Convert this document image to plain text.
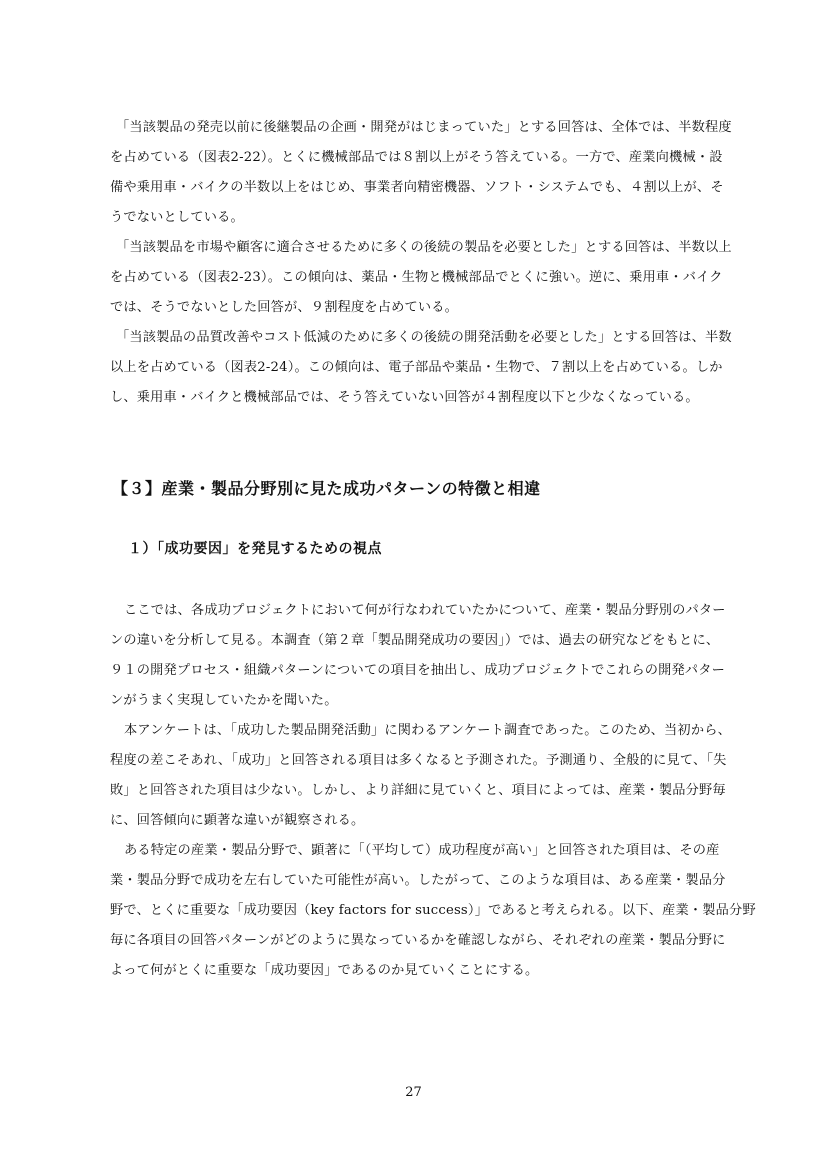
「当該製品の発売以前に後継製品の企画・開発がはじまっていた」とする回答は、全体では、半数程度
を占めている（図表2-22）。とくに機械部品では８割以上がそう答えている。一方で、産業向機械・設
備や乗用車・バイクの半数以上をはじめ、事業者向精密機器、ソフト・システムでも、４割以上が、そ
うでないとしている。
「当該製品を市場や顧客に適合させるために多くの後続の製品を必要とした」とする回答は、半数以上
を占めている（図表2-23）。この傾向は、薬品・生物と機械部品でとくに強い。逆に、乗用車・バイク
では、そうでないとした回答が、９割程度を占めている。
「当該製品の品質改善やコスト低減のために多くの後続の開発活動を必要とした」とする回答は、半数
以上を占めている（図表2-24）。この傾向は、電子部品や薬品・生物で、７割以上を占めている。しか
し、乗用車・バイクと機械部品では、そう答えていない回答が４割程度以下と少なくなっている。
【３】産業・製品分野別に見た成功パターンの特徴と相違
１）「成功要因」を発見するための視点
ここでは、各成功プロジェクトにおいて何が行なわれていたかについて、産業・製品分野別のパター
ンの違いを分析して見る。本調査（第２章「製品開発成功の要因」）では、過去の研究などをもとに、
９１の開発プロセス・組織パターンについての項目を抽出し、成功プロジェクトでこれらの開発パター
ンがうまく実現していたかを聞いた。
本アンケートは、「成功した製品開発活動」に関わるアンケート調査であった。このため、当初から、
程度の差こそあれ、「成功」と回答される項目は多くなると予測された。予測通り、全般的に見て、「失
敗」と回答された項目は少ない。しかし、より詳細に見ていくと、項目によっては、産業・製品分野毎
に、回答傾向に顕著な違いが観察される。
ある特定の産業・製品分野で、顕著に「（平均して）成功程度が高い」と回答された項目は、その産
業・製品分野で成功を左右していた可能性が高い。したがって、このような項目は、ある産業・製品分
野で、とくに重要な「成功要因（key factors for success）」であると考えられる。以下、産業・製品分野
毎に各項目の回答パターンがどのように異なっているかを確認しながら、それぞれの産業・製品分野に
よって何がとくに重要な「成功要因」であるのか見ていくことにする。
27
